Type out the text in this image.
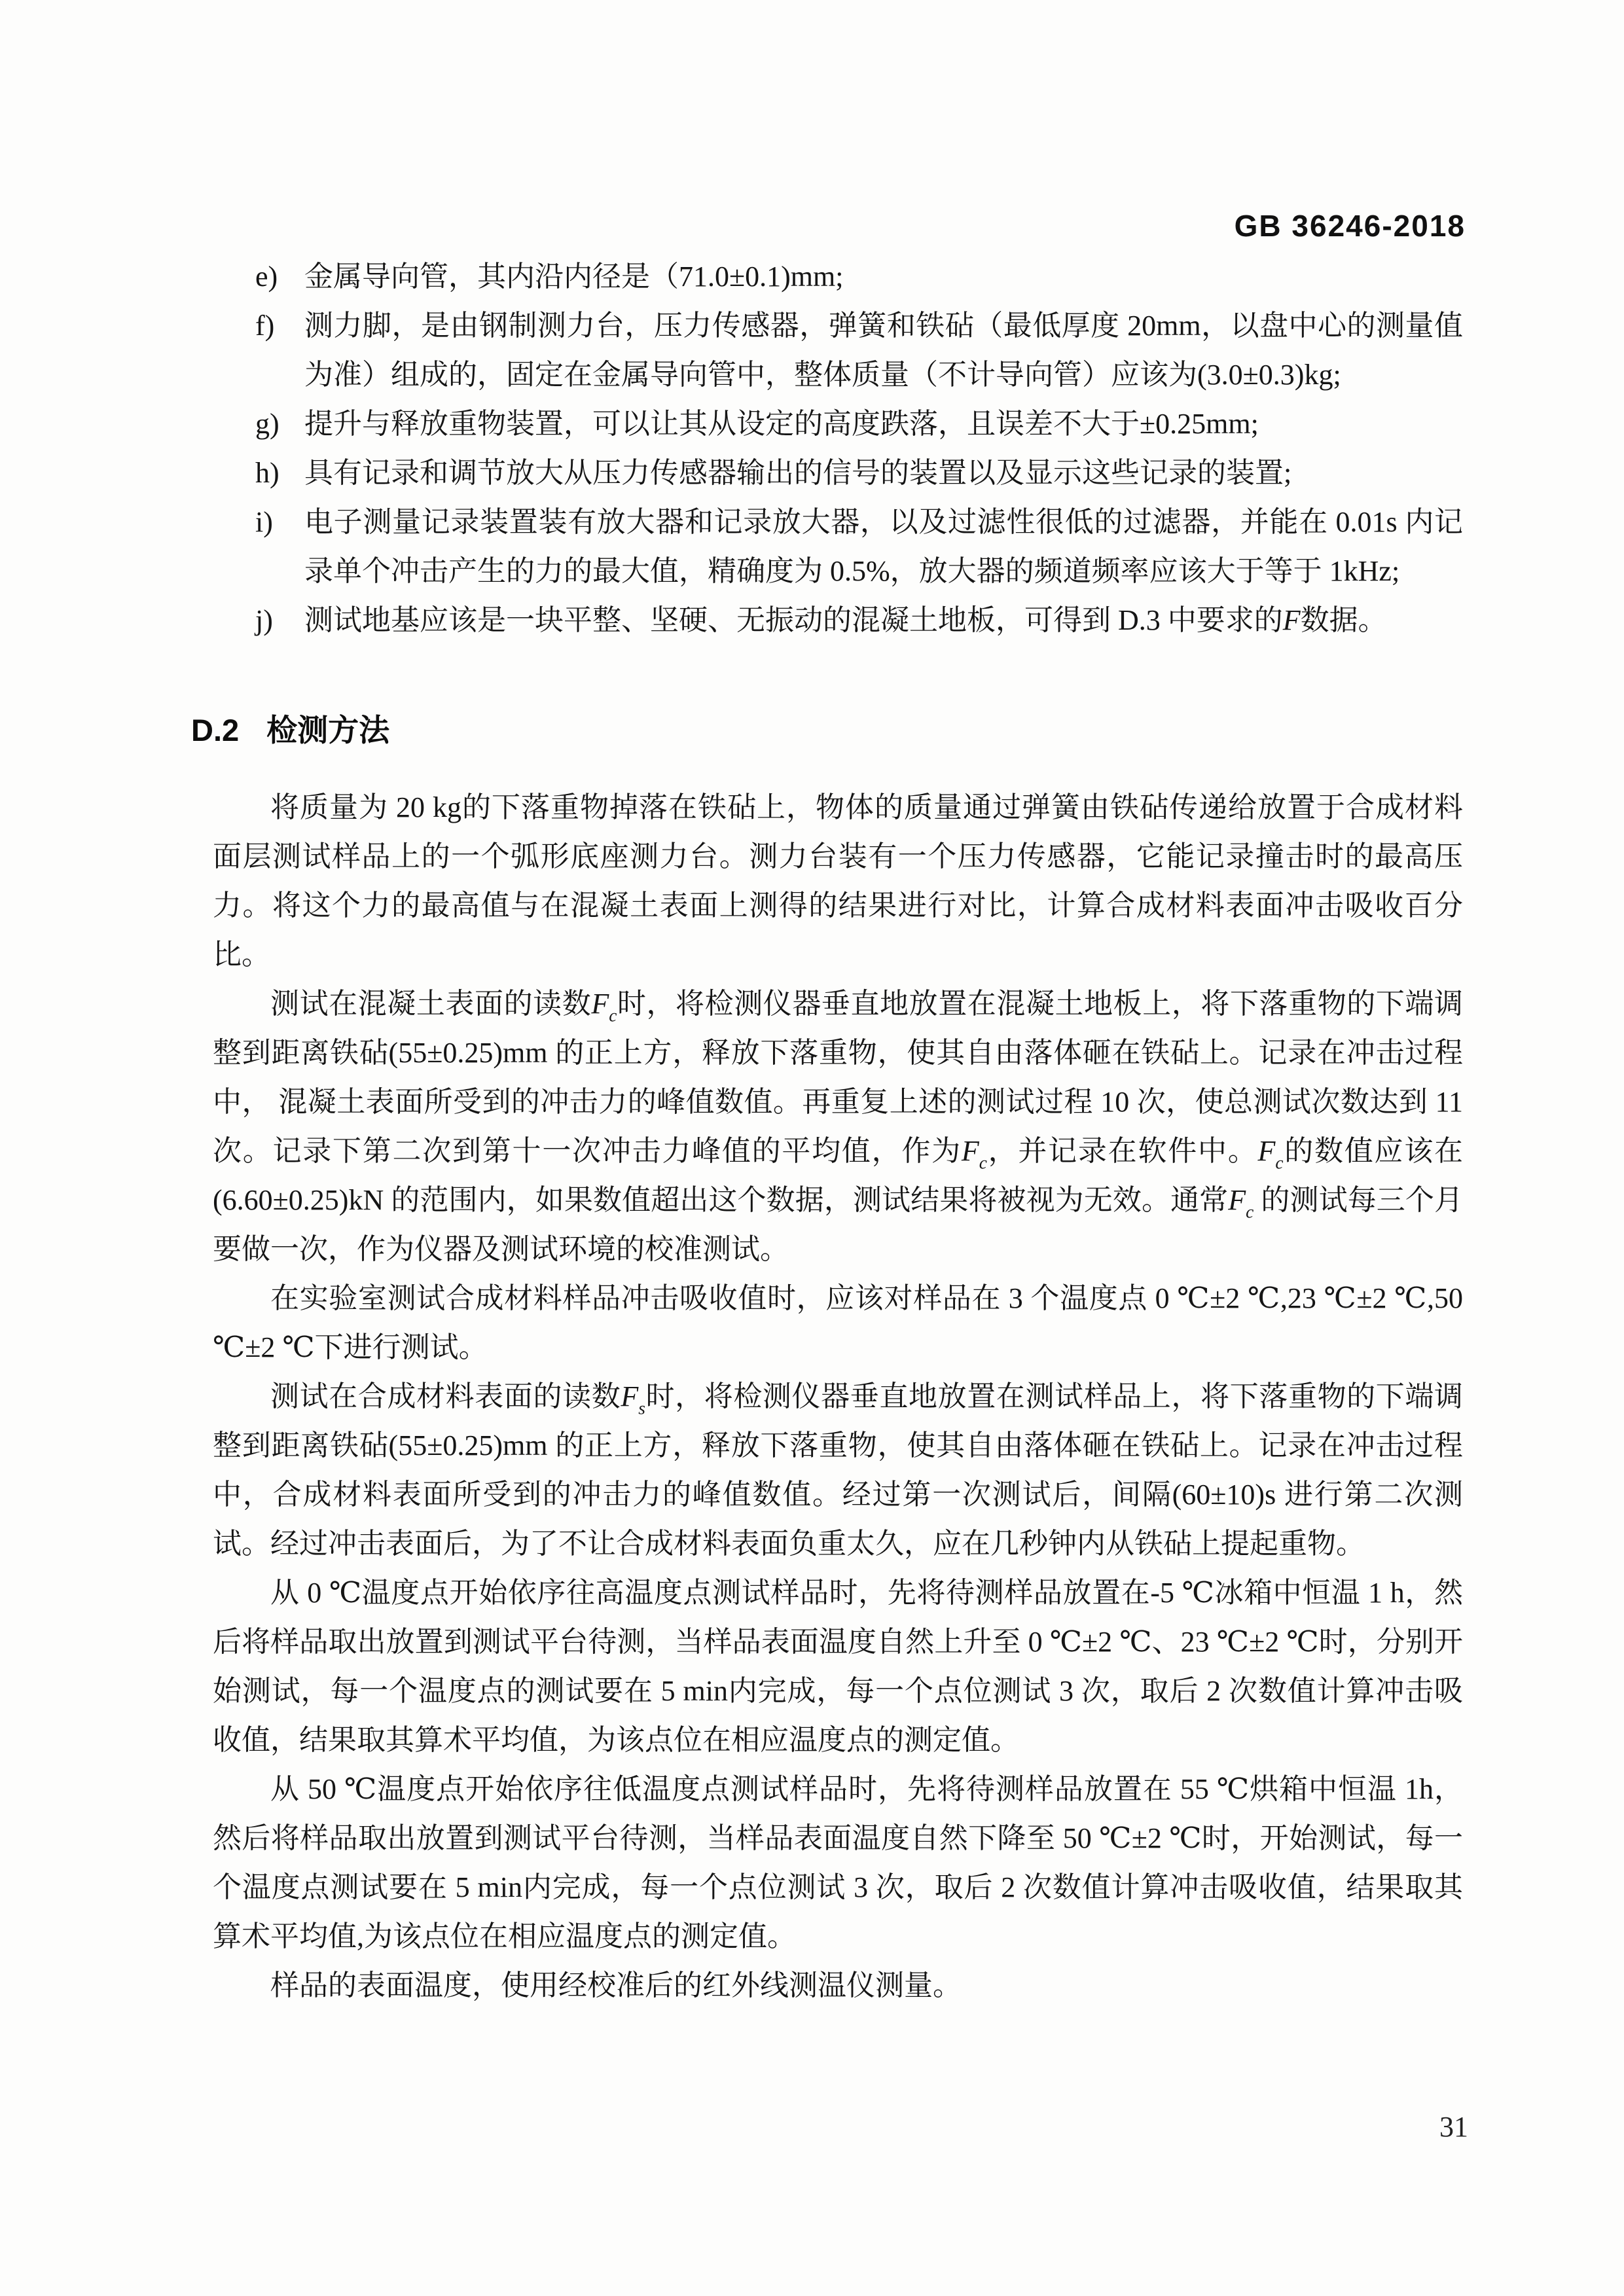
GB 36246-2018
e) 金属导向管，其内沿内径是（71.0±0.1)mm;
f)	测力脚，是由钢制测力台，压力传感器，弹簧和铁砧（最低厚度 20mm，以盘中心的测量值为准）组成的，固定在金属导向管中，整体质量（不计导向管）应该为(3.0±0.3)kg;
g) 提升与释放重物装置，可以让其从设定的高度跌落，且误差不大于±0.25mm;
h) 具有记录和调节放大从压力传感器输出的信号的装置以及显示这些记录的装置;
i)	电子测量记录装置装有放大器和记录放大器，以及过滤性很低的过滤器，并能在 0.01s 内记录单个冲击产生的力的最大值，精确度为 0.5%，放大器的频道频率应该大于等于 1kHz;
j)	测试地基应该是一块平整、坚硬、无振动的混凝土地板，可得到 D.3 中要求的F数据。
D.2 检测方法

将质量为 20 kg的下落重物掉落在铁砧上，物体的质量通过弹簧由铁砧传递给放置于合成材料面层测试样品上的一个弧形底座测力台。测力台装有一个压力传感器，它能记录撞击时的最高压力。将这个力的最高值与在混凝土表面上测得的结果进行对比，计算合成材料表面冲击吸收百分比。

测试在混凝土表面的读数$F_c$时，将检测仪器垂直地放置在混凝土地板上，将下落重物的下端调整到距离铁砧(55±0.25)mm 的正上方，释放下落重物，使其自由落体砸在铁砧上。记录在冲击过程中， 混凝土表面所受到的冲击力的峰值数值。再重复上述的测试过程 10 次，使总测试次数达到 11 次。记录下第二次到第十一次冲击力峰值的平均值，作为$F_c$，并记录在软件中。$F_c$的数值应该在(6.60±0.25)kN 的范围内，如果数值超出这个数据，测试结果将被视为无效。通常$F_c$ 的测试每三个月要做一次，作为仪器及测试环境的校准测试。

在实验室测试合成材料样品冲击吸收值时，应该对样品在 3 个温度点 0 ℃±2 ℃,23 ℃±2 ℃,50 ℃±2 ℃下进行测试。

测试在合成材料表面的读数$F_s$时，将检测仪器垂直地放置在测试样品上，将下落重物的下端调整到距离铁砧(55±0.25)mm 的正上方，释放下落重物，使其自由落体砸在铁砧上。记录在冲击过程中，合成材料表面所受到的冲击力的峰值数值。经过第一次测试后，间隔(60±10)s 进行第二次测试。经过冲击表面后，为了不让合成材料表面负重太久，应在几秒钟内从铁砧上提起重物。

从 0 ℃温度点开始依序往高温度点测试样品时，先将待测样品放置在-5 ℃冰箱中恒温 1 h，然后将样品取出放置到测试平台待测，当样品表面温度自然上升至 0 ℃±2 ℃、23 ℃±2 ℃时，分别开始测试，每一个温度点的测试要在 5 min内完成，每一个点位测试 3 次，取后 2 次数值计算冲击吸收值，结果取其算术平均值，为该点位在相应温度点的测定值。

从 50 ℃温度点开始依序往低温度点测试样品时，先将待测样品放置在 55 ℃烘箱中恒温 1h，然后将样品取出放置到测试平台待测，当样品表面温度自然下降至 50 ℃±2 ℃时，开始测试，每一个温度点测试要在 5 min内完成，每一个点位测试 3 次，取后 2 次数值计算冲击吸收值，结果取其算术平均值,为该点位在相应温度点的测定值。

样品的表面温度，使用经校准后的红外线测温仪测量。

31
